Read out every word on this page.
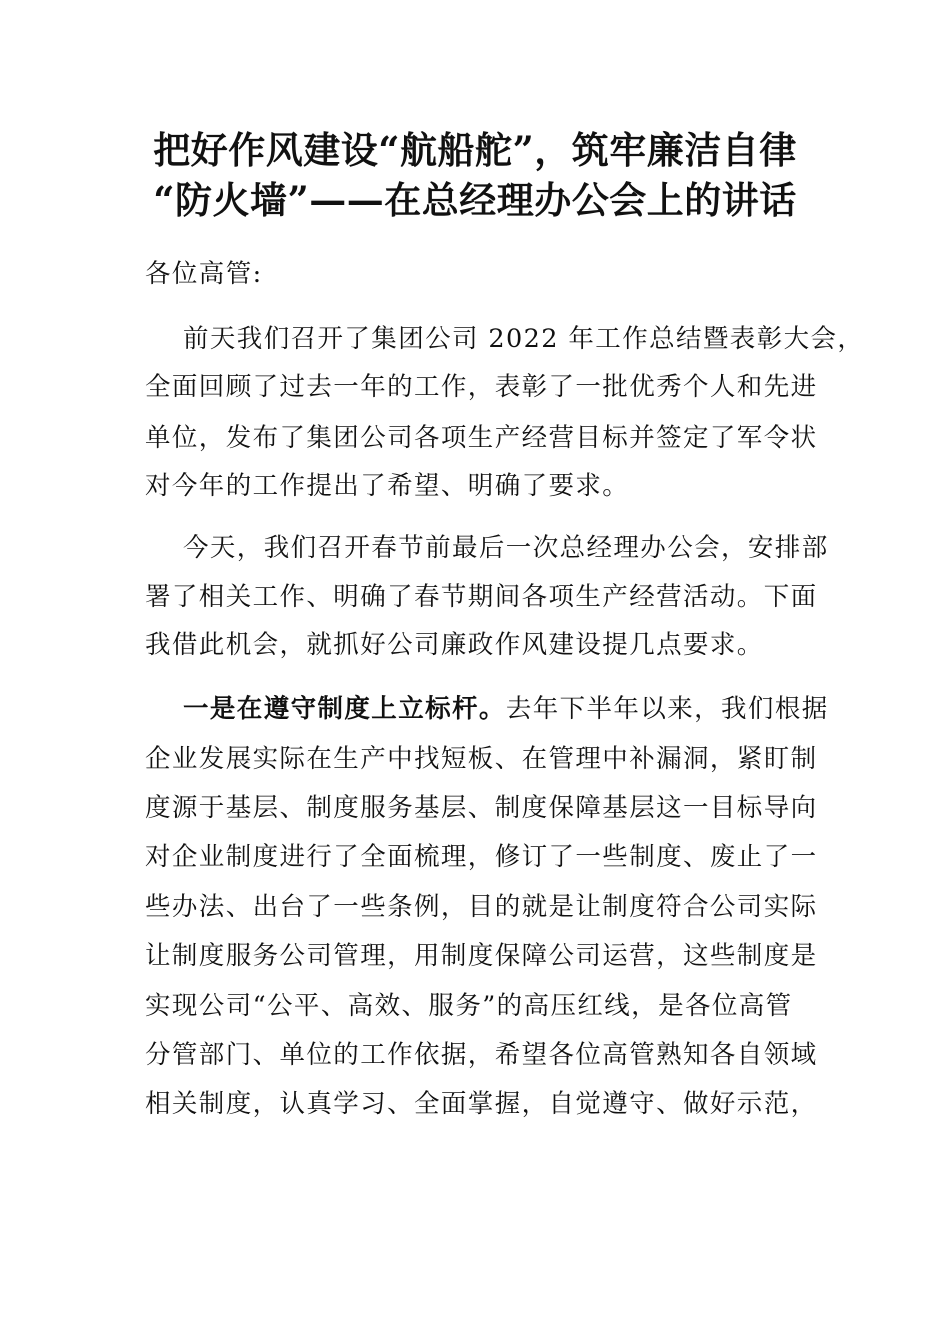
把好作风建设“航船舵”，筑牢廉洁自律
“防火墙”——在总经理办公会上的讲话
各位高管:
前天我们召开了集团公司 2022 年工作总结暨表彰大会，
全面回顾了过去一年的工作，表彰了一批优秀个人和先进
单位，发布了集团公司各项生产经营目标并签定了军令状
对今年的工作提出了希望、明确了要求。
今天，我们召开春节前最后一次总经理办公会，安排部
署了相关工作、明确了春节期间各项生产经营活动。下面
我借此机会，就抓好公司廉政作风建设提几点要求。
一是在遵守制度上立标杆。去年下半年以来，我们根据
企业发展实际在生产中找短板、在管理中补漏洞，紧盯制
度源于基层、制度服务基层、制度保障基层这一目标导向
对企业制度进行了全面梳理，修订了一些制度、废止了一
些办法、出台了一些条例，目的就是让制度符合公司实际
让制度服务公司管理，用制度保障公司运营，这些制度是
实现公司“公平、高效、服务”的高压红线，是各位高管
分管部门、单位的工作依据，希望各位高管熟知各自领域
相关制度，认真学习、全面掌握，自觉遵守、做好示范，
